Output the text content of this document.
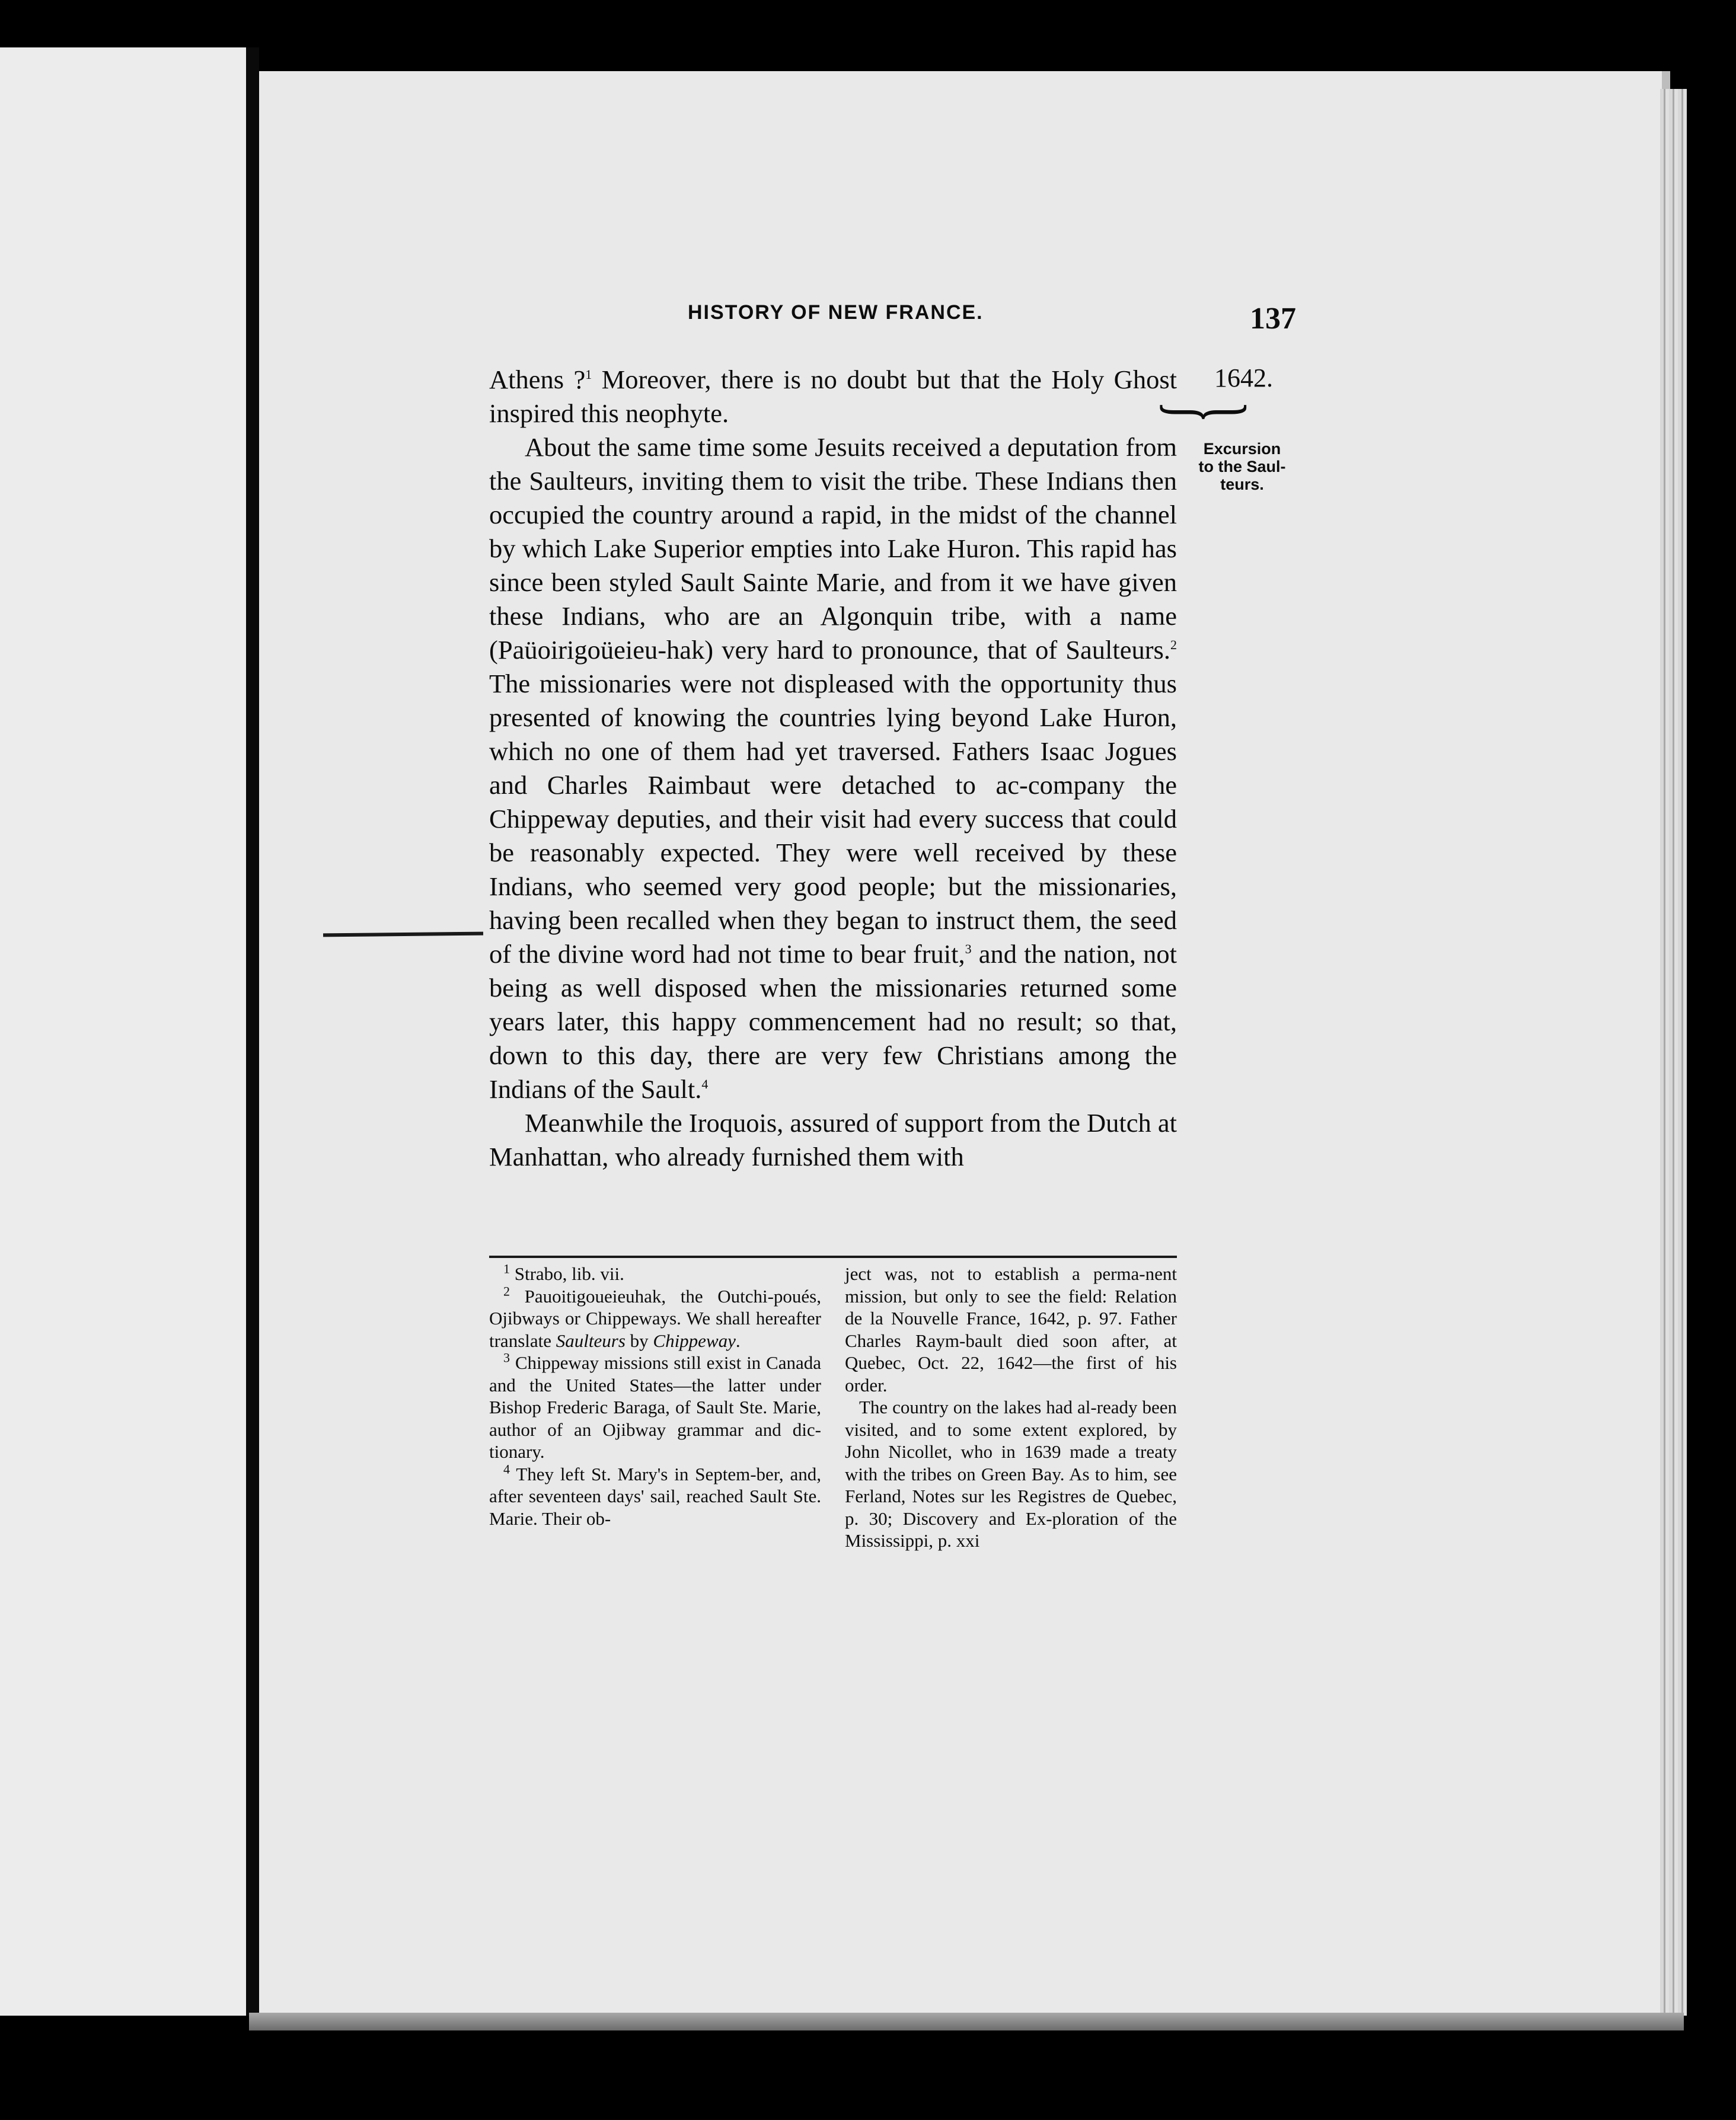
HISTORY OF NEW FRANCE.	137
1642.
}
Excursion
to the Saul-
teurs.

Athens ?$^1$ Moreover, there is no doubt but that the Holy Ghost inspired this neophyte.

About the same time some Jesuits received a deputation from the Saulteurs, inviting them to visit the tribe. These Indians then occupied the country around a rapid, in the midst of the channel by which Lake Superior empties into Lake Huron. This rapid has since been styled Sault Sainte Marie, and from it we have given these Indians, who are an Algonquin tribe, with a name (Paüoirigoüeieu-hak) very hard to pronounce, that of Saulteurs.$^2$ The missionaries were not displeased with the opportunity thus presented of knowing the countries lying beyond Lake Huron, which no one of them had yet traversed. Fathers Isaac Jogues and Charles Raimbaut were detached to ac-company the Chippeway deputies, and their visit had every success that could be reasonably expected. They were well received by these Indians, who seemed very good people; but the missionaries, having been recalled when they began to instruct them, the seed of the divine word had not time to bear fruit,$^3$ and the nation, not being as well disposed when the missionaries returned some years later, this happy commencement had no result; so that, down to this day, there are very few Christians among the Indians of the Sault.$^4$

Meanwhile the Iroquois, assured of support from the Dutch at Manhattan, who already furnished them with

$^1$ Strabo, lib. vii.

$^2$ Pauoitigoueieuhak, the Outchi-poués, Ojibways or Chippeways. We shall hereafter translate Saulteurs by Chippeway.

$^3$ Chippeway missions still exist in Canada and the United States—the latter under Bishop Frederic Baraga, of Sault Ste. Marie, author of an Ojibway grammar and dic-tionary.

$^4$ They left St. Mary's in Septem-ber, and, after seventeen days' sail, reached Sault Ste. Marie. Their ob-

ject was, not to establish a perma-nent mission, but only to see the field: Relation de la Nouvelle France, 1642, p. 97. Father Charles Raym-bault died soon after, at Quebec, Oct. 22, 1642—the first of his order.

The country on the lakes had al-ready been visited, and to some extent explored, by John Nicollet, who in 1639 made a treaty with the tribes on Green Bay. As to him, see Ferland, Notes sur les Registres de Quebec, p. 30; Discovery and Ex-ploration of the Mississippi, p. xxi
